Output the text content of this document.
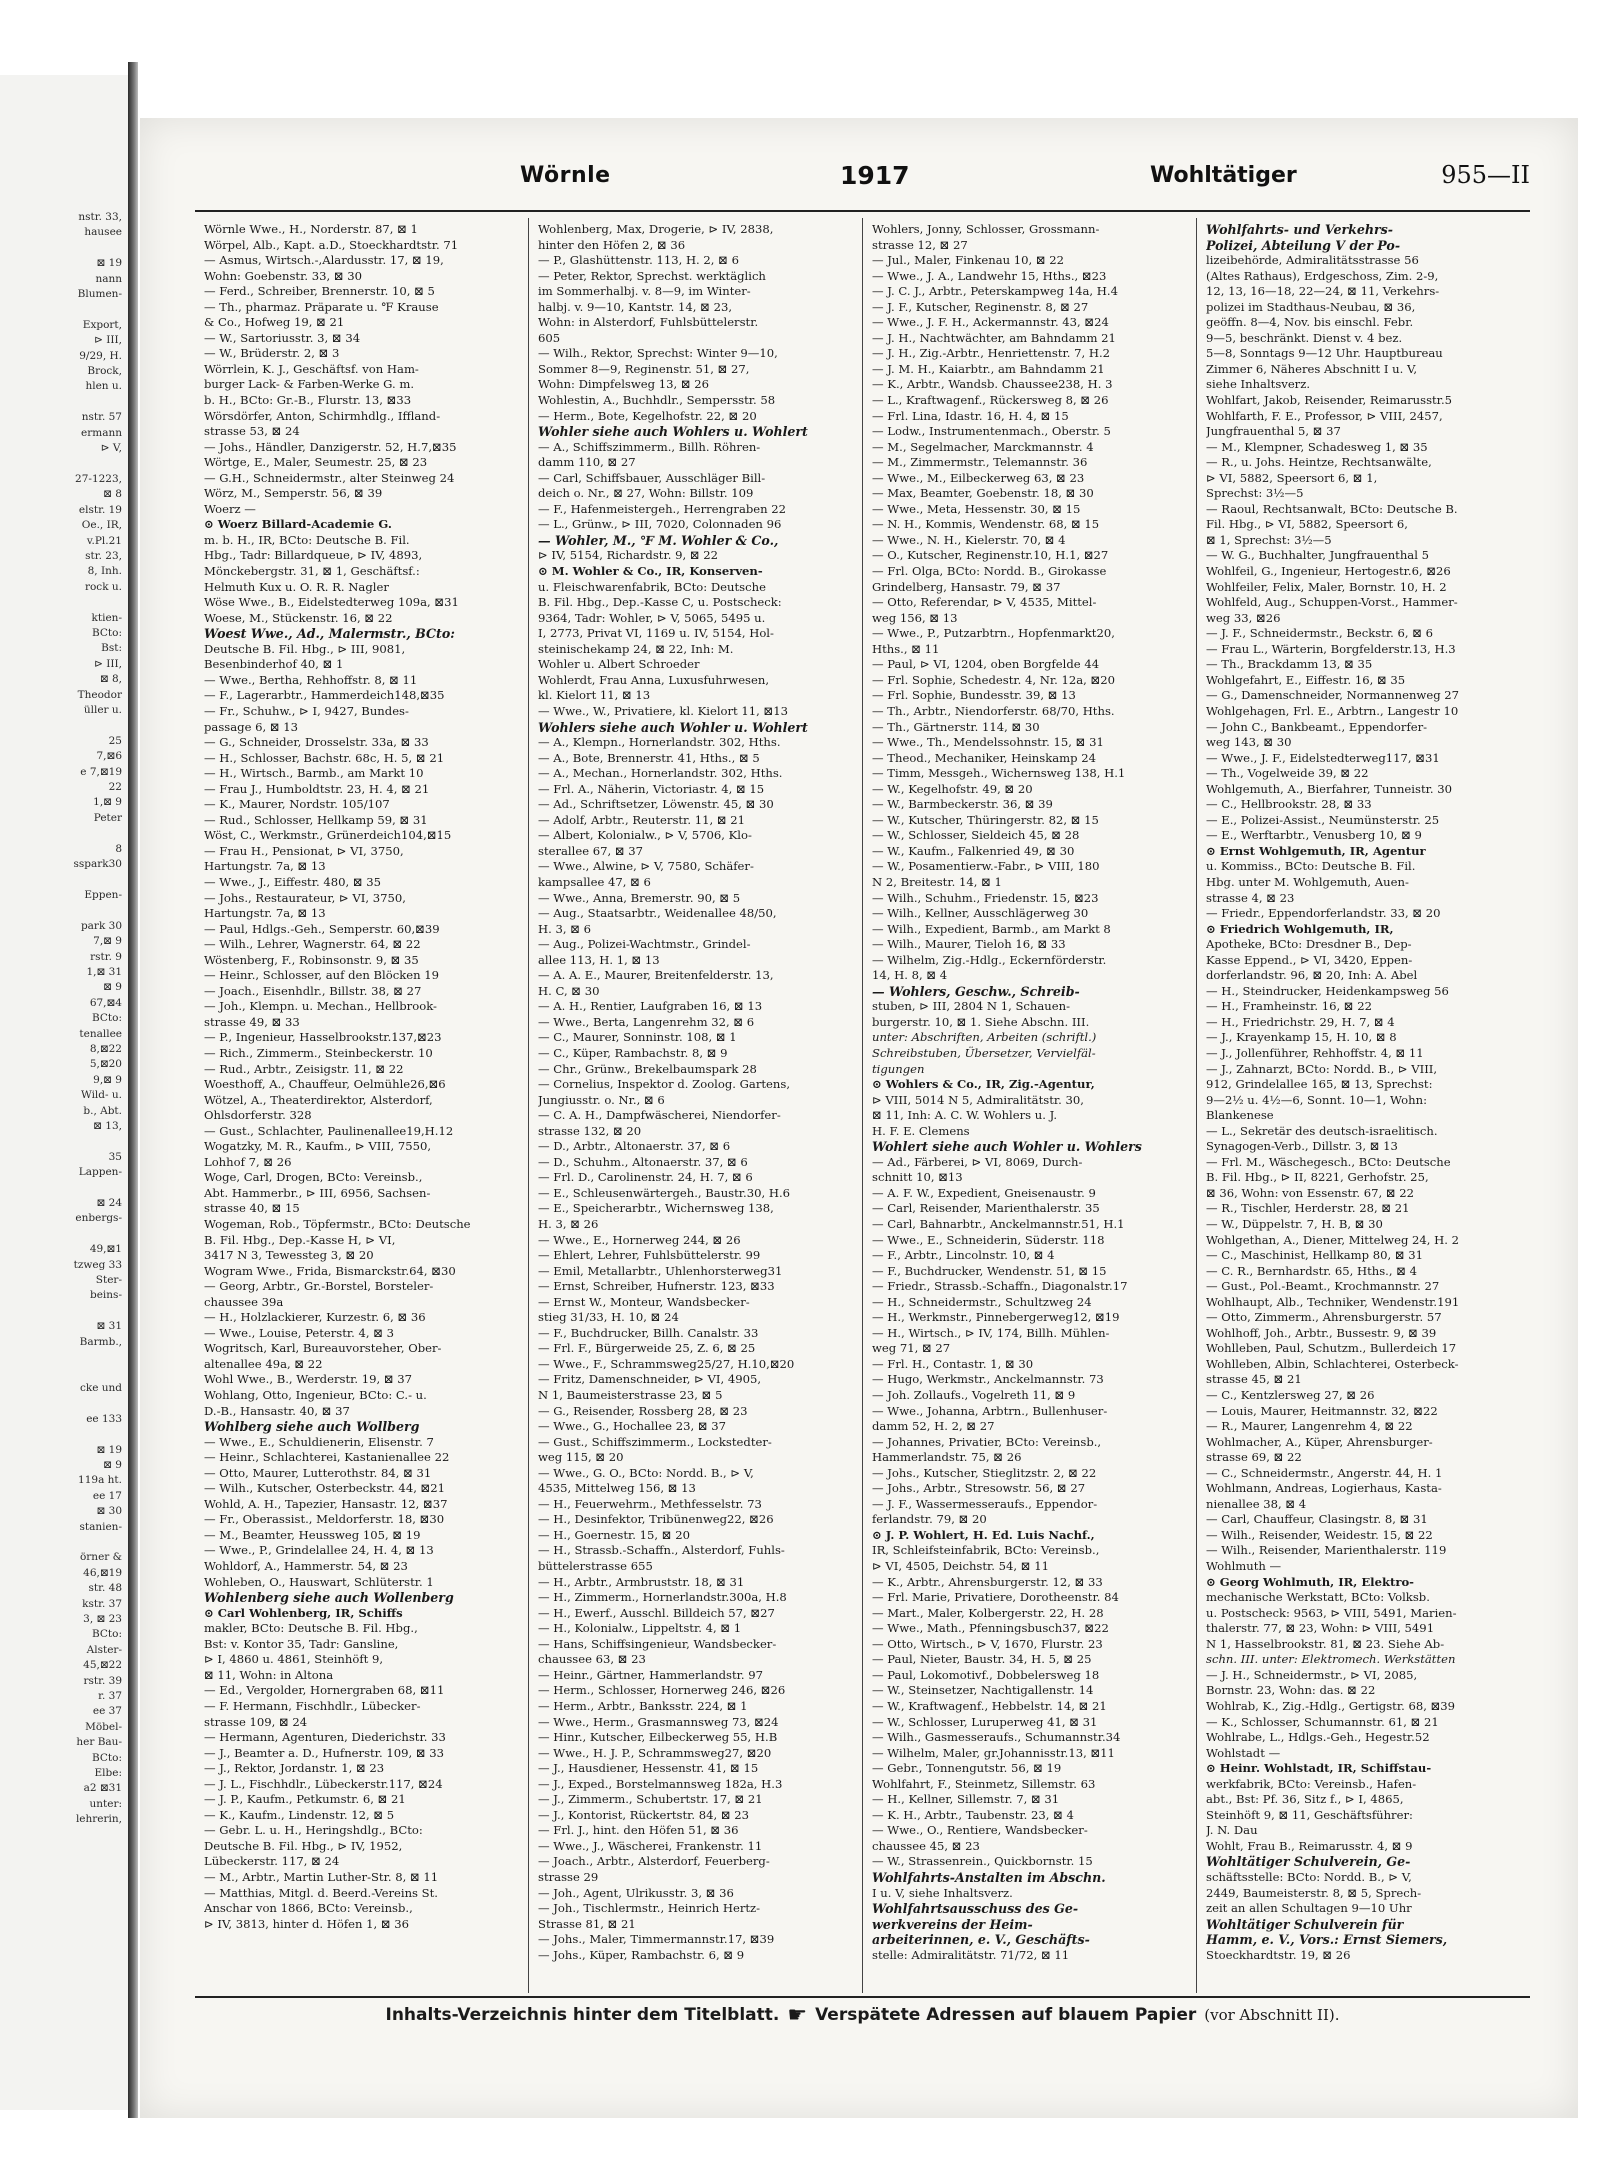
nstr. 33,
hausee

⊠ 19
nann
Blumen-

Export,
⊳ III,
9/29, H.
Brock,
hlen u.

nstr. 57
ermann
⊳ V,

27-1223,
⊠ 8
elstr. 19
Oe., IR,
v.Pl.21
str. 23,
8, Inh.
rock u.

ktien-
BCto:
Bst:
⊳ III,
⊠ 8,
Theodor
üller u.

25
7,⊠6
e 7,⊠19
22
1,⊠ 9
Peter

8
sspark30

Eppen-

park 30
7,⊠ 9
rstr. 9
1,⊠ 31
⊠ 9
67,⊠4
BCto:
tenallee
8,⊠22
5,⊠20
9,⊠ 9
Wild- u.
b., Abt.
⊠ 13,

35
Lappen-

⊠ 24
enbergs-

49,⊠1
tzweg 33
Ster-
beins-

⊠ 31
Barmb.,

cke und

ee 133

⊠ 19
⊠ 9
119a ht.
ee 17
⊠ 30
stanien-

örner &
46,⊠19
str. 48
kstr. 37
3, ⊠ 23
BCto:
Alster-
45,⊠22
rstr. 39
r. 37
ee 37
Möbel-
her Bau-
BCto:
Elbe:
a2 ⊠31
unter:
lehrerin,
Wörnle	1917	Wohltätiger	955—II
Wörnle Wwe., H., Norderstr. 87, ⊠ 1
Wörpel, Alb., Kapt. a.D., Stoeckhardtstr. 71
— Asmus, Wirtsch.-,Alardusstr. 17, ⊠ 19,
Wohn: Goebenstr. 33, ⊠ 30
— Ferd., Schreiber, Brennerstr. 10, ⊠ 5
— Th., pharmaz. Präparate u. ℉ Krause
& Co., Hofweg 19, ⊠ 21
— W., Sartoriusstr. 3, ⊠ 34
— W., Brüderstr. 2, ⊠ 3
Wörrlein, K. J., Geschäftsf. von Ham-
burger Lack- & Farben-Werke G. m.
b. H., BCto: Gr.-B., Flurstr. 13, ⊠33
Wörsdörfer, Anton, Schirmhdlg., Iffland-
strasse 53, ⊠ 24
— Johs., Händler, Danzigerstr. 52, H.7,⊠35
Wörtge, E., Maler, Seumestr. 25, ⊠ 23
— G.H., Schneidermstr., alter Steinweg 24
Wörz, M., Semperstr. 56, ⊠ 39
Woerz —
⊙ Woerz Billard-Academie G.
m. b. H., IR, BCto: Deutsche B. Fil.
Hbg., Tadr: Billardqueue, ⊳ IV, 4893,
Mönckebergstr. 31, ⊠ 1, Geschäftsf.:
Helmuth Kux u. O. R. R. Nagler
Wöse Wwe., B., Eidelstedterweg 109a, ⊠31
Woese, M., Stückenstr. 16, ⊠ 22
Woest Wwe., Ad., Malermstr., BCto:
Deutsche B. Fil. Hbg., ⊳ III, 9081,
Besenbinderhof 40, ⊠ 1
— Wwe., Bertha, Rehhoffstr. 8, ⊠ 11
— F., Lagerarbtr., Hammerdeich148,⊠35
— Fr., Schuhw., ⊳ I, 9427, Bundes-
passage 6, ⊠ 13
— G., Schneider, Drosselstr. 33a, ⊠ 33
— H., Schlosser, Bachstr. 68c, H. 5, ⊠ 21
— H., Wirtsch., Barmb., am Markt 10
— Frau J., Humboldtstr. 23, H. 4, ⊠ 21
— K., Maurer, Nordstr. 105/107
— Rud., Schlosser, Hellkamp 59, ⊠ 31
Wöst, C., Werkmstr., Grünerdeich104,⊠15
— Frau H., Pensionat, ⊳ VI, 3750,
Hartungstr. 7a, ⊠ 13
— Wwe., J., Eiffestr. 480, ⊠ 35
— Johs., Restaurateur, ⊳ VI, 3750,
Hartungstr. 7a, ⊠ 13
— Paul, Hdlgs.-Geh., Semperstr. 60,⊠39
— Wilh., Lehrer, Wagnerstr. 64, ⊠ 22
Wöstenberg, F., Robinsonstr. 9, ⊠ 35
— Heinr., Schlosser, auf den Blöcken 19
— Joach., Eisenhdlr., Billstr. 38, ⊠ 27
— Joh., Klempn. u. Mechan., Hellbrook-
strasse 49, ⊠ 33
— P., Ingenieur, Hasselbrookstr.137,⊠23
— Rich., Zimmerm., Steinbeckerstr. 10
— Rud., Arbtr., Zeisigstr. 11, ⊠ 22
Woesthoff, A., Chauffeur, Oelmühle26,⊠6
Wötzel, A., Theaterdirektor, Alsterdorf,
Ohlsdorferstr. 328
— Gust., Schlachter, Paulinenallee19,H.12
Wogatzky, M. R., Kaufm., ⊳ VIII, 7550,
Lohhof 7, ⊠ 26
Woge, Carl, Drogen, BCto: Vereinsb.,
Abt. Hammerbr., ⊳ III, 6956, Sachsen-
strasse 40, ⊠ 15
Wogeman, Rob., Töpfermstr., BCto: Deutsche
B. Fil. Hbg., Dep.-Kasse H, ⊳ VI,
3417 N 3, Tewessteg 3, ⊠ 20
Wogram Wwe., Frida, Bismarckstr.64, ⊠30
— Georg, Arbtr., Gr.-Borstel, Borsteler-
chaussee 39a
— H., Holzlackierer, Kurzestr. 6, ⊠ 36
— Wwe., Louise, Peterstr. 4, ⊠ 3
Wogritsch, Karl, Bureauvorsteher, Ober-
altenallee 49a, ⊠ 22
Wohl Wwe., B., Werderstr. 19, ⊠ 37
Wohlang, Otto, Ingenieur, BCto: C.- u.
D.-B., Hansastr. 40, ⊠ 37
Wohlberg siehe auch Wollberg
— Wwe., E., Schuldienerin, Elisenstr. 7
— Heinr., Schlachterei, Kastanienallee 22
— Otto, Maurer, Lutterothstr. 84, ⊠ 31
— Wilh., Kutscher, Osterbeckstr. 44, ⊠21
Wohld, A. H., Tapezier, Hansastr. 12, ⊠37
— Fr., Oberassist., Meldorferstr. 18, ⊠30
— M., Beamter, Heussweg 105, ⊠ 19
— Wwe., P., Grindelallee 24, H. 4, ⊠ 13
Wohldorf, A., Hammerstr. 54, ⊠ 23
Wohleben, O., Hauswart, Schlüterstr. 1
Wohlenberg siehe auch Wollenberg
⊙ Carl Wohlenberg, IR, Schiffs
makler, BCto: Deutsche B. Fil. Hbg.,
Bst: v. Kontor 35, Tadr: Gansline,
⊳ I, 4860 u. 4861, Steinhöft 9,
⊠ 11, Wohn: in Altona
— Ed., Vergolder, Hornergraben 68, ⊠11
— F. Hermann, Fischhdlr., Lübecker-
strasse 109, ⊠ 24
— Hermann, Agenturen, Diederichstr. 33
— J., Beamter a. D., Hufnerstr. 109, ⊠ 33
— J., Rektor, Jordanstr. 1, ⊠ 23
— J. L., Fischhdlr., Lübeckerstr.117, ⊠24
— J. P., Kaufm., Petkumstr. 6, ⊠ 21
— K., Kaufm., Lindenstr. 12, ⊠ 5
— Gebr. L. u. H., Heringshdlg., BCto:
Deutsche B. Fil. Hbg., ⊳ IV, 1952,
Lübeckerstr. 117, ⊠ 24
— M., Arbtr., Martin Luther-Str. 8, ⊠ 11
— Matthias, Mitgl. d. Beerd.-Vereins St.
Anschar von 1866, BCto: Vereinsb.,
⊳ IV, 3813, hinter d. Höfen 1, ⊠ 36
Wohlenberg, Max, Drogerie, ⊳ IV, 2838,
hinter den Höfen 2, ⊠ 36
— P., Glashüttenstr. 113, H. 2, ⊠ 6
— Peter, Rektor, Sprechst. werktäglich
im Sommerhalbj. v. 8—9, im Winter-
halbj. v. 9—10, Kantstr. 14, ⊠ 23,
Wohn: in Alsterdorf, Fuhlsbüttelerstr.
605
— Wilh., Rektor, Sprechst: Winter 9—10,
Sommer 8—9, Reginenstr. 51, ⊠ 27,
Wohn: Dimpfelsweg 13, ⊠ 26
Wohlestin, A., Buchhdlr., Sempersstr. 58
— Herm., Bote, Kegelhofstr. 22, ⊠ 20
Wohler siehe auch Wohlers u. Wohlert
— A., Schiffszimmerm., Billh. Röhren-
damm 110, ⊠ 27
— Carl, Schiffsbauer, Ausschläger Bill-
deich o. Nr., ⊠ 27, Wohn: Billstr. 109
— F., Hafenmeistergeh., Herrengraben 22
— L., Grünw., ⊳ III, 7020, Colonnaden 96
— Wohler, M., ℉ M. Wohler & Co.,
⊳ IV, 5154, Richardstr. 9, ⊠ 22
⊙ M. Wohler & Co., IR, Konserven-
u. Fleischwarenfabrik, BCto: Deutsche
B. Fil. Hbg., Dep.-Kasse C, u. Postscheck:
9364, Tadr: Wohler, ⊳ V, 5065, 5495 u.
I, 2773, Privat VI, 1169 u. IV, 5154, Hol-
steinischekamp 24, ⊠ 22, Inh: M.
Wohler u. Albert Schroeder
Wohlerdt, Frau Anna, Luxusfuhrwesen,
kl. Kielort 11, ⊠ 13
— Wwe., W., Privatiere, kl. Kielort 11, ⊠13
Wohlers siehe auch Wohler u. Wohlert
— A., Klempn., Hornerlandstr. 302, Hths.
— A., Bote, Brennerstr. 41, Hths., ⊠ 5
— A., Mechan., Hornerlandstr. 302, Hths.
— Frl. A., Näherin, Victoriastr. 4, ⊠ 15
— Ad., Schriftsetzer, Löwenstr. 45, ⊠ 30
— Adolf, Arbtr., Reuterstr. 11, ⊠ 21
— Albert, Kolonialw., ⊳ V, 5706, Klo-
sterallee 67, ⊠ 37
— Wwe., Alwine, ⊳ V, 7580, Schäfer-
kampsallee 47, ⊠ 6
— Wwe., Anna, Bremerstr. 90, ⊠ 5
— Aug., Staatsarbtr., Weidenallee 48/50,
H. 3, ⊠ 6
— Aug., Polizei-Wachtmstr., Grindel-
allee 113, H. 1, ⊠ 13
— A. A. E., Maurer, Breitenfelderstr. 13,
H. C, ⊠ 30
— A. H., Rentier, Laufgraben 16, ⊠ 13
— Wwe., Berta, Langenrehm 32, ⊠ 6
— C., Maurer, Sonninstr. 108, ⊠ 1
— C., Küper, Rambachstr. 8, ⊠ 9
— Chr., Grünw., Brekelbaumspark 28
— Cornelius, Inspektor d. Zoolog. Gartens,
Jungiusstr. o. Nr., ⊠ 6
— C. A. H., Dampfwäscherei, Niendorfer-
strasse 132, ⊠ 20
— D., Arbtr., Altonaerstr. 37, ⊠ 6
— D., Schuhm., Altonaerstr. 37, ⊠ 6
— Frl. D., Carolinenstr. 24, H. 7, ⊠ 6
— E., Schleusenwärtergeh., Baustr.30, H.6
— E., Speicherarbtr., Wichernsweg 138,
H. 3, ⊠ 26
— Wwe., E., Hornerweg 244, ⊠ 26
— Ehlert, Lehrer, Fuhlsbüttelerstr. 99
— Emil, Metallarbtr., Uhlenhorsterweg31
— Ernst, Schreiber, Hufnerstr. 123, ⊠33
— Ernst W., Monteur, Wandsbecker-
stieg 31/33, H. 10, ⊠ 24
— F., Buchdrucker, Billh. Canalstr. 33
— Frl. F., Bürgerweide 25, Z. 6, ⊠ 25
— Wwe., F., Schrammsweg25/27, H.10,⊠20
— Fritz, Damenschneider, ⊳ VI, 4905,
N 1, Baumeisterstrasse 23, ⊠ 5
— G., Reisender, Rossberg 28, ⊠ 23
— Wwe., G., Hochallee 23, ⊠ 37
— Gust., Schiffszimmerm., Lockstedter-
weg 115, ⊠ 20
— Wwe., G. O., BCto: Nordd. B., ⊳ V,
4535, Mittelweg 156, ⊠ 13
— H., Feuerwehrm., Methfesselstr. 73
— H., Desinfektor, Tribünenweg22, ⊠26
— H., Goernestr. 15, ⊠ 20
— H., Strassb.-Schaffn., Alsterdorf, Fuhls-
büttelerstrasse 655
— H., Arbtr., Armbruststr. 18, ⊠ 31
— H., Zimmerm., Hornerlandstr.300a, H.8
— H., Ewerf., Ausschl. Billdeich 57, ⊠27
— H., Kolonialw., Lippeltstr. 4, ⊠ 1
— Hans, Schiffsingenieur, Wandsbecker-
chaussee 63, ⊠ 23
— Heinr., Gärtner, Hammerlandstr. 97
— Herm., Schlosser, Hornerweg 246, ⊠26
— Herm., Arbtr., Banksstr. 224, ⊠ 1
— Wwe., Herm., Grasmannsweg 73, ⊠24
— Hinr., Kutscher, Eilbeckerweg 55, H.B
— Wwe., H. J. P., Schrammsweg27, ⊠20
— J., Hausdiener, Hessenstr. 41, ⊠ 15
— J., Exped., Borstelmannsweg 182a, H.3
— J., Zimmerm., Schubertstr. 17, ⊠ 21
— J., Kontorist, Rückertstr. 84, ⊠ 23
— Frl. J., hint. den Höfen 51, ⊠ 36
— Wwe., J., Wäscherei, Frankenstr. 11
— Joach., Arbtr., Alsterdorf, Feuerberg-
strasse 29
— Joh., Agent, Ulrikusstr. 3, ⊠ 36
— Joh., Tischlermstr., Heinrich Hertz-
Strasse 81, ⊠ 21
— Johs., Maler, Timmermannstr.17, ⊠39
— Johs., Küper, Rambachstr. 6, ⊠ 9
Wohlers, Jonny, Schlosser, Grossmann-
strasse 12, ⊠ 27
— Jul., Maler, Finkenau 10, ⊠ 22
— Wwe., J. A., Landwehr 15, Hths., ⊠23
— J. C. J., Arbtr., Peterskampweg 14a, H.4
— J. F., Kutscher, Reginenstr. 8, ⊠ 27
— Wwe., J. F. H., Ackermannstr. 43, ⊠24
— J. H., Nachtwächter, am Bahndamm 21
— J. H., Zig.-Arbtr., Henriettenstr. 7, H.2
— J. M. H., Kaiarbtr., am Bahndamm 21
— K., Arbtr., Wandsb. Chaussee238, H. 3
— L., Kraftwagenf., Rückersweg 8, ⊠ 26
— Frl. Lina, Idastr. 16, H. 4, ⊠ 15
— Lodw., Instrumentenmach., Oberstr. 5
— M., Segelmacher, Marckmannstr. 4
— M., Zimmermstr., Telemannstr. 36
— Wwe., M., Eilbeckerweg 63, ⊠ 23
— Max, Beamter, Goebenstr. 18, ⊠ 30
— Wwe., Meta, Hessenstr. 30, ⊠ 15
— N. H., Kommis, Wendenstr. 68, ⊠ 15
— Wwe., N. H., Kielerstr. 70, ⊠ 4
— O., Kutscher, Reginenstr.10, H.1, ⊠27
— Frl. Olga, BCto: Nordd. B., Girokasse
Grindelberg, Hansastr. 79, ⊠ 37
— Otto, Referendar, ⊳ V, 4535, Mittel-
weg 156, ⊠ 13
— Wwe., P., Putzarbtrn., Hopfenmarkt20,
Hths., ⊠ 11
— Paul, ⊳ VI, 1204, oben Borgfelde 44
— Frl. Sophie, Schedestr. 4, Nr. 12a, ⊠20
— Frl. Sophie, Bundesstr. 39, ⊠ 13
— Th., Arbtr., Niendorferstr. 68/70, Hths.
— Th., Gärtnerstr. 114, ⊠ 30
— Wwe., Th., Mendelssohnstr. 15, ⊠ 31
— Theod., Mechaniker, Heinskamp 24
— Timm, Messgeh., Wichernsweg 138, H.1
— W., Kegelhofstr. 49, ⊠ 20
— W., Barmbeckerstr. 36, ⊠ 39
— W., Kutscher, Thüringerstr. 82, ⊠ 15
— W., Schlosser, Sieldeich 45, ⊠ 28
— W., Kaufm., Falkenried 49, ⊠ 30
— W., Posamentierw.-Fabr., ⊳ VIII, 180
N 2, Breitestr. 14, ⊠ 1
— Wilh., Schuhm., Friedenstr. 15, ⊠23
— Wilh., Kellner, Ausschlägerweg 30
— Wilh., Expedient, Barmb., am Markt 8
— Wilh., Maurer, Tieloh 16, ⊠ 33
— Wilhelm, Zig.-Hdlg., Eckernförderstr.
14, H. 8, ⊠ 4
— Wohlers, Geschw., Schreib-
stuben, ⊳ III, 2804 N 1, Schauen-
burgerstr. 10, ⊠ 1. Siehe Abschn. III.
unter: Abschriften, Arbeiten (schriftl.)
Schreibstuben, Übersetzer, Vervielfäl-
tigungen
⊙ Wohlers & Co., IR, Zig.-Agentur,
⊳ VIII, 5014 N 5, Admiralitätstr. 30,
⊠ 11, Inh: A. C. W. Wohlers u. J.
H. F. E. Clemens
Wohlert siehe auch Wohler u. Wohlers
— Ad., Färberei, ⊳ VI, 8069, Durch-
schnitt 10, ⊠13
— A. F. W., Expedient, Gneisenaustr. 9
— Carl, Reisender, Marienthalerstr. 35
— Carl, Bahnarbtr., Anckelmannstr.51, H.1
— Wwe., E., Schneiderin, Süderstr. 118
— F., Arbtr., Lincolnstr. 10, ⊠ 4
— F., Buchdrucker, Wendenstr. 51, ⊠ 15
— Friedr., Strassb.-Schaffn., Diagonalstr.17
— H., Schneidermstr., Schultzweg 24
— H., Werkmstr., Pinnebergerweg12, ⊠19
— H., Wirtsch., ⊳ IV, 174, Billh. Mühlen-
weg 71, ⊠ 27
— Frl. H., Contastr. 1, ⊠ 30
— Hugo, Werkmstr., Anckelmannstr. 73
— Joh. Zollaufs., Vogelreth 11, ⊠ 9
— Wwe., Johanna, Arbtrn., Bullenhuser-
damm 52, H. 2, ⊠ 27
— Johannes, Privatier, BCto: Vereinsb.,
Hammerlandstr. 75, ⊠ 26
— Johs., Kutscher, Stieglitzstr. 2, ⊠ 22
— Johs., Arbtr., Stresowstr. 56, ⊠ 27
— J. F., Wassermesseraufs., Eppendor-
ferlandstr. 79, ⊠ 20
⊙ J. P. Wohlert, H. Ed. Luis Nachf.,
IR, Schleifsteinfabrik, BCto: Vereinsb.,
⊳ VI, 4505, Deichstr. 54, ⊠ 11
— K., Arbtr., Ahrensburgerstr. 12, ⊠ 33
— Frl. Marie, Privatiere, Dorotheenstr. 84
— Mart., Maler, Kolbergerstr. 22, H. 28
— Wwe., Math., Pfenningsbusch37, ⊠22
— Otto, Wirtsch., ⊳ V, 1670, Flurstr. 23
— Paul, Nieter, Baustr. 34, H. 5, ⊠ 25
— Paul, Lokomotivf., Dobbelersweg 18
— W., Steinsetzer, Nachtigallenstr. 14
— W., Kraftwagenf., Hebbelstr. 14, ⊠ 21
— W., Schlosser, Luruperweg 41, ⊠ 31
— Wilh., Gasmesseraufs., Schumannstr.34
— Wilhelm, Maler, gr.Johannisstr.13, ⊠11
— Gebr., Tonnengutstr. 56, ⊠ 19
Wohlfahrt, F., Steinmetz, Sillemstr. 63
— H., Kellner, Sillemstr. 7, ⊠ 31
— K. H., Arbtr., Taubenstr. 23, ⊠ 4
— Wwe., O., Rentiere, Wandsbecker-
chaussee 45, ⊠ 23
— W., Strassenrein., Quickbornstr. 15
Wohlfahrts-Anstalten im Abschn.
I u. V, siehe Inhaltsverz.
Wohlfahrtsausschuss des Ge-
werkvereins der Heim-
arbeiterinnen, e. V., Geschäfts-
stelle: Admiralitätstr. 71/72, ⊠ 11
Wohlfahrts- und Verkehrs-
Polizei, Abteilung V der Po-
lizeibehörde, Admiralitätsstrasse 56
(Altes Rathaus), Erdgeschoss, Zim. 2-9,
12, 13, 16—18, 22—24, ⊠ 11, Verkehrs-
polizei im Stadthaus-Neubau, ⊠ 36,
geöffn. 8—4, Nov. bis einschl. Febr.
9—5, beschränkt. Dienst v. 4 bez.
5—8, Sonntags 9—12 Uhr. Hauptbureau
Zimmer 6, Näheres Abschnitt I u. V,
siehe Inhaltsverz.
Wohlfart, Jakob, Reisender, Reimarusstr.5
Wohlfarth, F. E., Professor, ⊳ VIII, 2457,
Jungfrauenthal 5, ⊠ 37
— M., Klempner, Schadesweg 1, ⊠ 35
— R., u. Johs. Heintze, Rechtsanwälte,
⊳ VI, 5882, Speersort 6, ⊠ 1,
Sprechst: 3½—5
— Raoul, Rechtsanwalt, BCto: Deutsche B.
Fil. Hbg., ⊳ VI, 5882, Speersort 6,
⊠ 1, Sprechst: 3½—5
— W. G., Buchhalter, Jungfrauenthal 5
Wohlfeil, G., Ingenieur, Hertogestr.6, ⊠26
Wohlfeiler, Felix, Maler, Bornstr. 10, H. 2
Wohlfeld, Aug., Schuppen-Vorst., Hammer-
weg 33, ⊠26
— J. F., Schneidermstr., Beckstr. 6, ⊠ 6
— Frau L., Wärterin, Borgfelderstr.13, H.3
— Th., Brackdamm 13, ⊠ 35
Wohlgefahrt, E., Eiffestr. 16, ⊠ 35
— G., Damenschneider, Normannenweg 27
Wohlgehagen, Frl. E., Arbtrn., Langestr 10
— John C., Bankbeamt., Eppendorfer-
weg 143, ⊠ 30
— Wwe., J. F., Eidelstedterweg117, ⊠31
— Th., Vogelweide 39, ⊠ 22
Wohlgemuth, A., Bierfahrer, Tunneistr. 30
— C., Hellbrookstr. 28, ⊠ 33
— E., Polizei-Assist., Neumünsterstr. 25
— E., Werftarbtr., Venusberg 10, ⊠ 9
⊙ Ernst Wohlgemuth, IR, Agentur
u. Kommiss., BCto: Deutsche B. Fil.
Hbg. unter M. Wohlgemuth, Auen-
strasse 4, ⊠ 23
— Friedr., Eppendorferlandstr. 33, ⊠ 20
⊙ Friedrich Wohlgemuth, IR,
Apotheke, BCto: Dresdner B., Dep-
Kasse Eppend., ⊳ VI, 3420, Eppen-
dorferlandstr. 96, ⊠ 20, Inh: A. Abel
— H., Steindrucker, Heidenkampsweg 56
— H., Framheinstr. 16, ⊠ 22
— H., Friedrichstr. 29, H. 7, ⊠ 4
— J., Krayenkamp 15, H. 10, ⊠ 8
— J., Jollenführer, Rehhoffstr. 4, ⊠ 11
— J., Zahnarzt, BCto: Nordd. B., ⊳ VIII,
912, Grindelallee 165, ⊠ 13, Sprechst:
9—2½ u. 4½—6, Sonnt. 10—1, Wohn:
Blankenese
— L., Sekretär des deutsch-israelitisch.
Synagogen-Verb., Dillstr. 3, ⊠ 13
— Frl. M., Wäschegesch., BCto: Deutsche
B. Fil. Hbg., ⊳ II, 8221, Gerhofstr. 25,
⊠ 36, Wohn: von Essenstr. 67, ⊠ 22
— R., Tischler, Herderstr. 28, ⊠ 21
— W., Düppelstr. 7, H. B, ⊠ 30
Wohlgethan, A., Diener, Mittelweg 24, H. 2
— C., Maschinist, Hellkamp 80, ⊠ 31
— C. R., Bernhardstr. 65, Hths., ⊠ 4
— Gust., Pol.-Beamt., Krochmannstr. 27
Wohlhaupt, Alb., Techniker, Wendenstr.191
— Otto, Zimmerm., Ahrensburgerstr. 57
Wohlhoff, Joh., Arbtr., Bussestr. 9, ⊠ 39
Wohlleben, Paul, Schutzm., Bullerdeich 17
Wohlleben, Albin, Schlachterei, Osterbeck-
strasse 45, ⊠ 21
— C., Kentzlersweg 27, ⊠ 26
— Louis, Maurer, Heitmannstr. 32, ⊠22
— R., Maurer, Langenrehm 4, ⊠ 22
Wohlmacher, A., Küper, Ahrensburger-
strasse 69, ⊠ 22
— C., Schneidermstr., Angerstr. 44, H. 1
Wohlmann, Andreas, Logierhaus, Kasta-
nienallee 38, ⊠ 4
— Carl, Chauffeur, Clasingstr. 8, ⊠ 31
— Wilh., Reisender, Weidestr. 15, ⊠ 22
— Wilh., Reisender, Marienthalerstr. 119
Wohlmuth —
⊙ Georg Wohlmuth, IR, Elektro-
mechanische Werkstatt, BCto: Volksb.
u. Postscheck: 9563, ⊳ VIII, 5491, Marien-
thalerstr. 77, ⊠ 23, Wohn: ⊳ VIII, 5491
N 1, Hasselbrookstr. 81, ⊠ 23. Siehe Ab-
schn. III. unter: Elektromech. Werkstätten
— J. H., Schneidermstr., ⊳ VI, 2085,
Bornstr. 23, Wohn: das. ⊠ 22
Wohlrab, K., Zig.-Hdlg., Gertigstr. 68, ⊠39
— K., Schlosser, Schumannstr. 61, ⊠ 21
Wohlrabe, L., Hdlgs.-Geh., Hegestr.52
Wohlstadt —
⊙ Heinr. Wohlstadt, IR, Schiffstau-
werkfabrik, BCto: Vereinsb., Hafen-
abt., Bst: Pf. 36, Sitz f., ⊳ I, 4865,
Steinhöft 9, ⊠ 11, Geschäftsführer:
J. N. Dau
Wohlt, Frau B., Reimarusstr. 4, ⊠ 9
Wohltätiger Schulverein, Ge-
schäftsstelle: BCto: Nordd. B., ⊳ V,
2449, Baumeisterstr. 8, ⊠ 5, Sprech-
zeit an allen Schultagen 9—10 Uhr
Wohltätiger Schulverein für
Hamm, e. V., Vors.: Ernst Siemers,
Stoeckhardtstr. 19, ⊠ 26
Inhalts-Verzeichnis hinter dem Titelblatt. ☛ Verspätete Adressen auf blauem Papier (vor Abschnitt II).
